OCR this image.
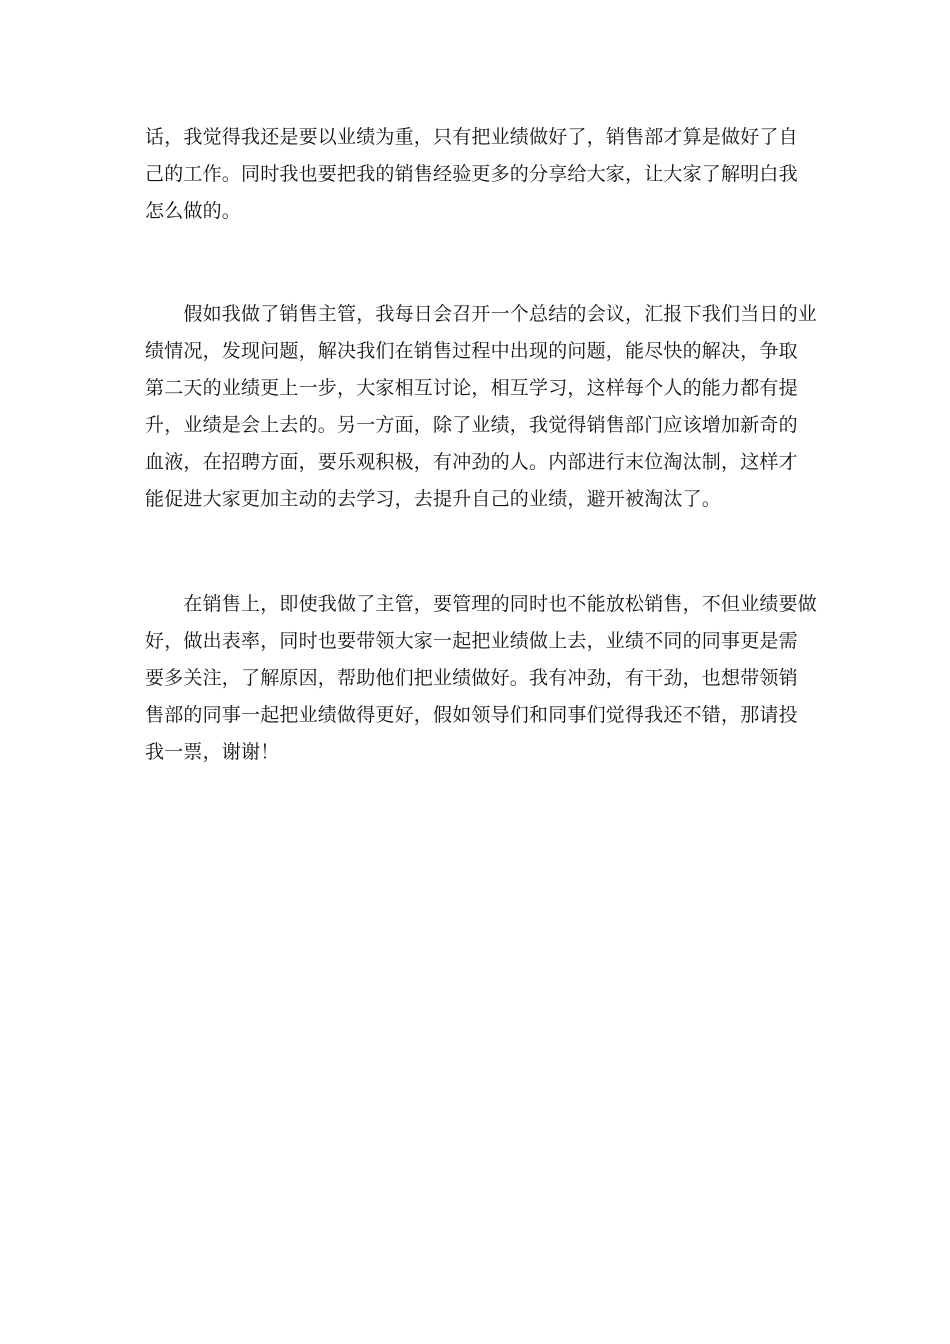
话，我觉得我还是要以业绩为重，只有把业绩做好了，销售部才算是做好了自
己的工作。同时我也要把我的销售经验更多的分享给大家，让大家了解明白我
怎么做的。

　　假如我做了销售主管，我每日会召开一个总结的会议，汇报下我们当日的业
绩情况，发现问题，解决我们在销售过程中出现的问题，能尽快的解决，争取
第二天的业绩更上一步，大家相互讨论，相互学习，这样每个人的能力都有提
升，业绩是会上去的。另一方面，除了业绩，我觉得销售部门应该增加新奇的
血液，在招聘方面，要乐观积极，有冲劲的人。内部进行末位淘汰制，这样才
能促进大家更加主动的去学习，去提升自己的业绩，避开被淘汰了。

　　在销售上，即使我做了主管，要管理的同时也不能放松销售，不但业绩要做
好，做出表率，同时也要带领大家一起把业绩做上去，业绩不同的同事更是需
要多关注，了解原因，帮助他们把业绩做好。我有冲劲，有干劲，也想带领销
售部的同事一起把业绩做得更好，假如领导们和同事们觉得我还不错，那请投
我一票，谢谢！
